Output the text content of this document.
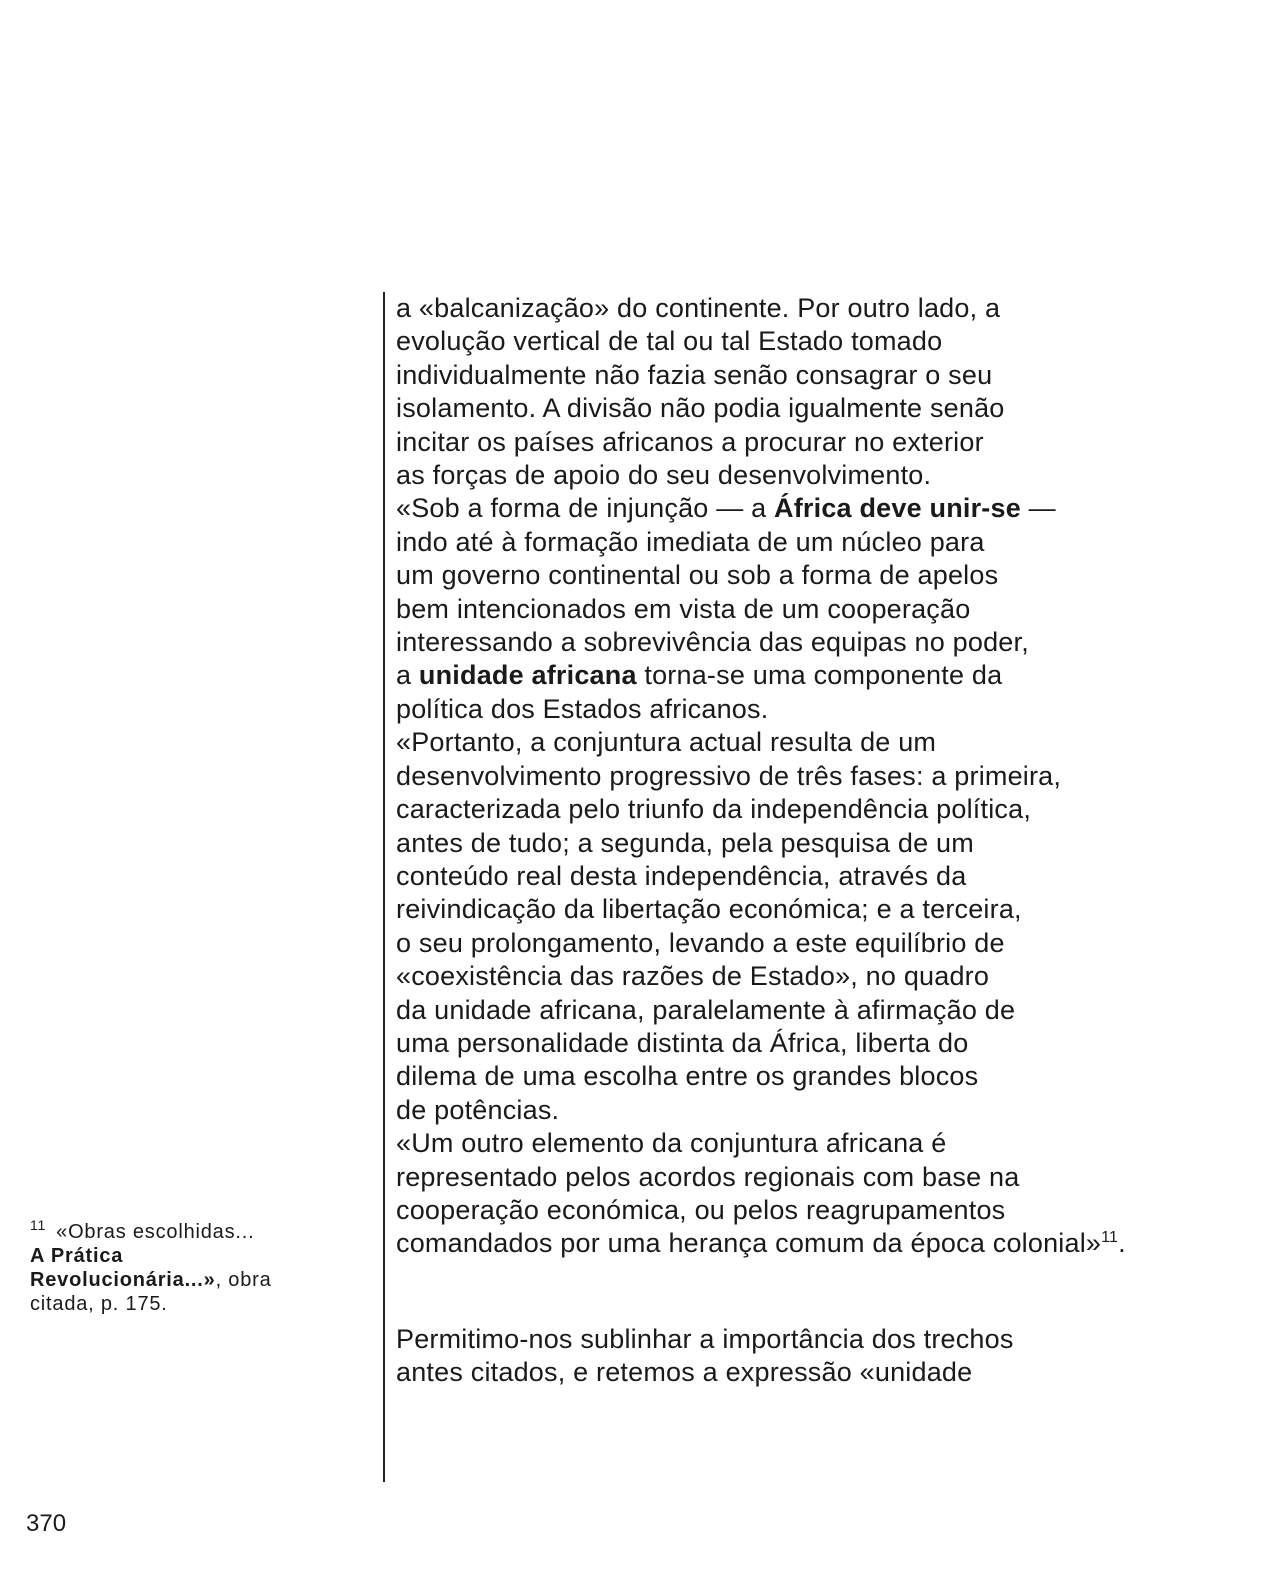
a «balcanização» do continente. Por outro lado, a
evolução vertical de tal ou tal Estado tomado
individualmente não fazia senão consagrar o seu
isolamento. A divisão não podia igualmente senão
incitar os países africanos a procurar no exterior
as forças de apoio do seu desenvolvimento.

«Sob a forma de injunção — a África deve unir-se —
indo até à formação imediata de um núcleo para
um governo continental ou sob a forma de apelos
bem intencionados em vista de um cooperação
interessando a sobrevivência das equipas no poder,
a unidade africana torna-se uma componente da
política dos Estados africanos.

«Portanto, a conjuntura actual resulta de um
desenvolvimento progressivo de três fases: a primeira,
caracterizada pelo triunfo da independência política,
antes de tudo; a segunda, pela pesquisa de um
conteúdo real desta independência, através da
reivindicação da libertação económica; e a terceira,
o seu prolongamento, levando a este equilíbrio de
«coexistência das razões de Estado», no quadro
da unidade africana, paralelamente à afirmação de
uma personalidade distinta da África, liberta do
dilema de uma escolha entre os grandes blocos
de potências.

«Um outro elemento da conjuntura africana é
representado pelos acordos regionais com base na
cooperação económica, ou pelos reagrupamentos
comandados por uma herança comum da época colonial»$^{11}$.

Permitimo-nos sublinhar a importância dos trechos
antes citados, e retemos a expressão «unidade

$^{11}$ «Obras escolhidas...
A Prática
Revolucionária...», obra
citada, p. 175.
370
